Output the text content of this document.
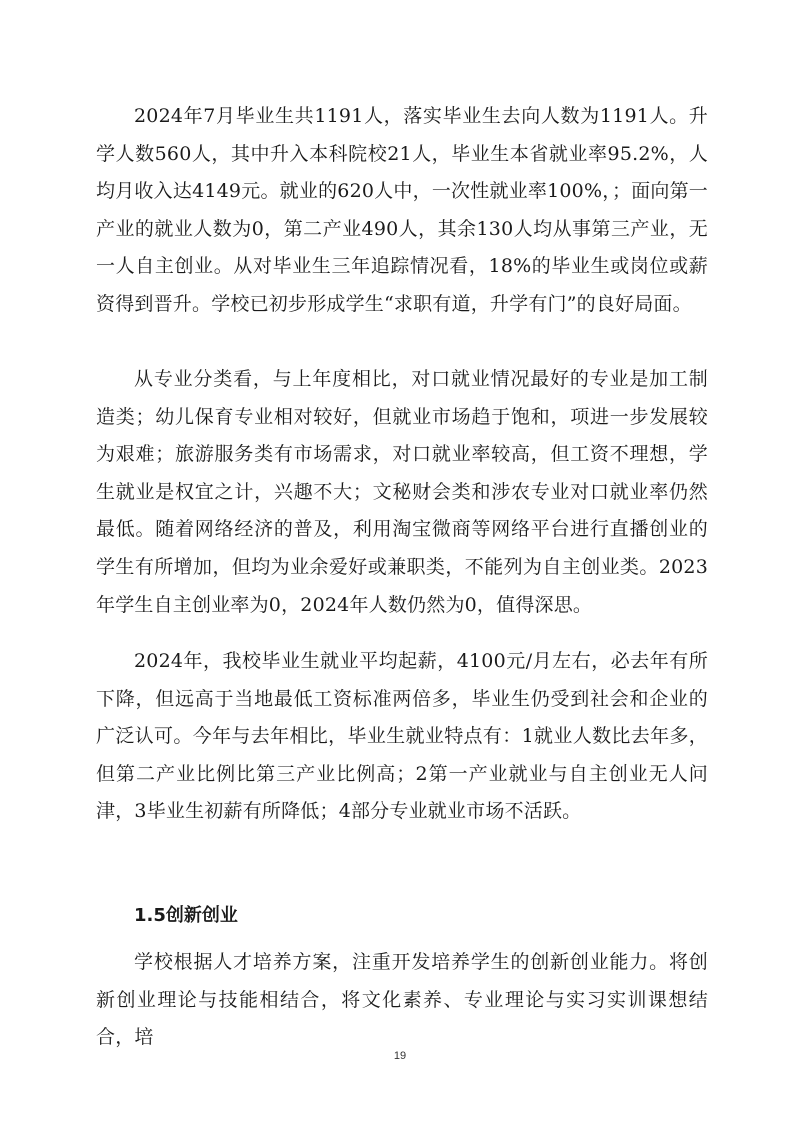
2024年7月毕业生共1191人，落实毕业生去向人数为1191人。升学人数560人，其中升入本科院校21人，毕业生本省就业率95.2%，人均月收入达4149元。就业的620人中，一次性就业率100%，；面向第一产业的就业人数为0，第二产业490人，其余130人均从事第三产业，无一人自主创业。从对毕业生三年追踪情况看，18%的毕业生或岗位或薪资得到晋升。学校已初步形成学生“求职有道，升学有门”的良好局面。

从专业分类看，与上年度相比，对口就业情况最好的专业是加工制造类；幼儿保育专业相对较好，但就业市场趋于饱和，项进一步发展较为艰难；旅游服务类有市场需求，对口就业率较高，但工资不理想，学生就业是权宜之计，兴趣不大；文秘财会类和涉农专业对口就业率仍然最低。随着网络经济的普及，利用淘宝微商等网络平台进行直播创业的学生有所增加，但均为业余爱好或兼职类，不能列为自主创业类。2023年学生自主创业率为0，2024年人数仍然为0，值得深思。

2024年，我校毕业生就业平均起薪，4100元/月左右，必去年有所下降，但远高于当地最低工资标准两倍多，毕业生仍受到社会和企业的广泛认可。今年与去年相比，毕业生就业特点有：1就业人数比去年多，但第二产业比例比第三产业比例高；2第一产业就业与自主创业无人问津，3毕业生初薪有所降低；4部分专业就业市场不活跃。

1.5创新创业

学校根据人才培养方案，注重开发培养学生的创新创业能力。将创新创业理论与技能相结合，将文化素养、专业理论与实习实训课想结合，培

19
